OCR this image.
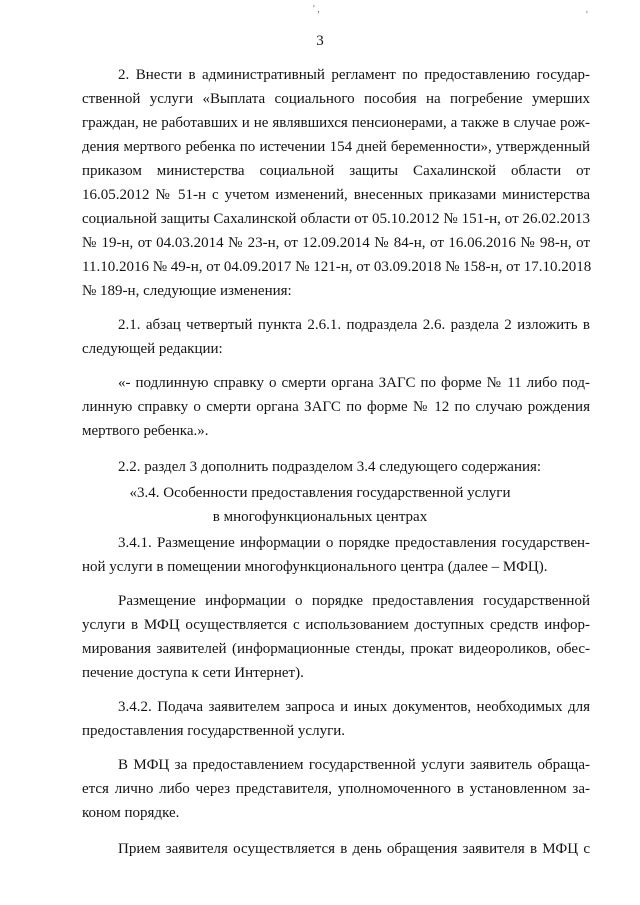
' ,
'
3
2. Внести в административный регламент по предоставлению государ-
ственной услуги «Выплата социального пособия на погребение умерших
граждан, не работавших и не являвшихся пенсионерами, а также в случае рож-
дения мертвого ребенка по истечении 154 дней беременности», утвержденный
приказом министерства социальной защиты Сахалинской области от
16.05.2012 № 51-н с учетом изменений, внесенных приказами министерства
социальной защиты Сахалинской области от 05.10.2012 № 151-н, от 26.02.2013
№ 19-н, от 04.03.2014 № 23-н, от 12.09.2014 № 84-н, от 16.06.2016 № 98-н, от
11.10.2016 № 49-н, от 04.09.2017 № 121-н, от 03.09.2018 № 158-н, от 17.10.2018
№ 189-н, следующие изменения:
2.1. абзац четвертый пункта 2.6.1. подраздела 2.6. раздела 2 изложить в
следующей редакции:
«- подлинную справку о смерти органа ЗАГС по форме № 11 либо под-
линную справку о смерти органа ЗАГС по форме № 12 по случаю рождения
мертвого ребенка.».
2.2. раздел 3 дополнить подразделом 3.4 следующего содержания:
«3.4. Особенности предоставления государственной услуги
в многофункциональных центрах
3.4.1. Размещение информации о порядке предоставления государствен-
ной услуги в помещении многофункционального центра (далее – МФЦ).
Размещение информации о порядке предоставления государственной
услуги в МФЦ осуществляется с использованием доступных средств инфор-
мирования заявителей (информационные стенды, прокат видеороликов, обес-
печение доступа к сети Интернет).
3.4.2. Подача заявителем запроса и иных документов, необходимых для
предоставления государственной услуги.
В МФЦ за предоставлением государственной услуги заявитель обраща-
ется лично либо через представителя, уполномоченного в установленном за-
коном порядке.
Прием заявителя осуществляется в день обращения заявителя в МФЦ с
